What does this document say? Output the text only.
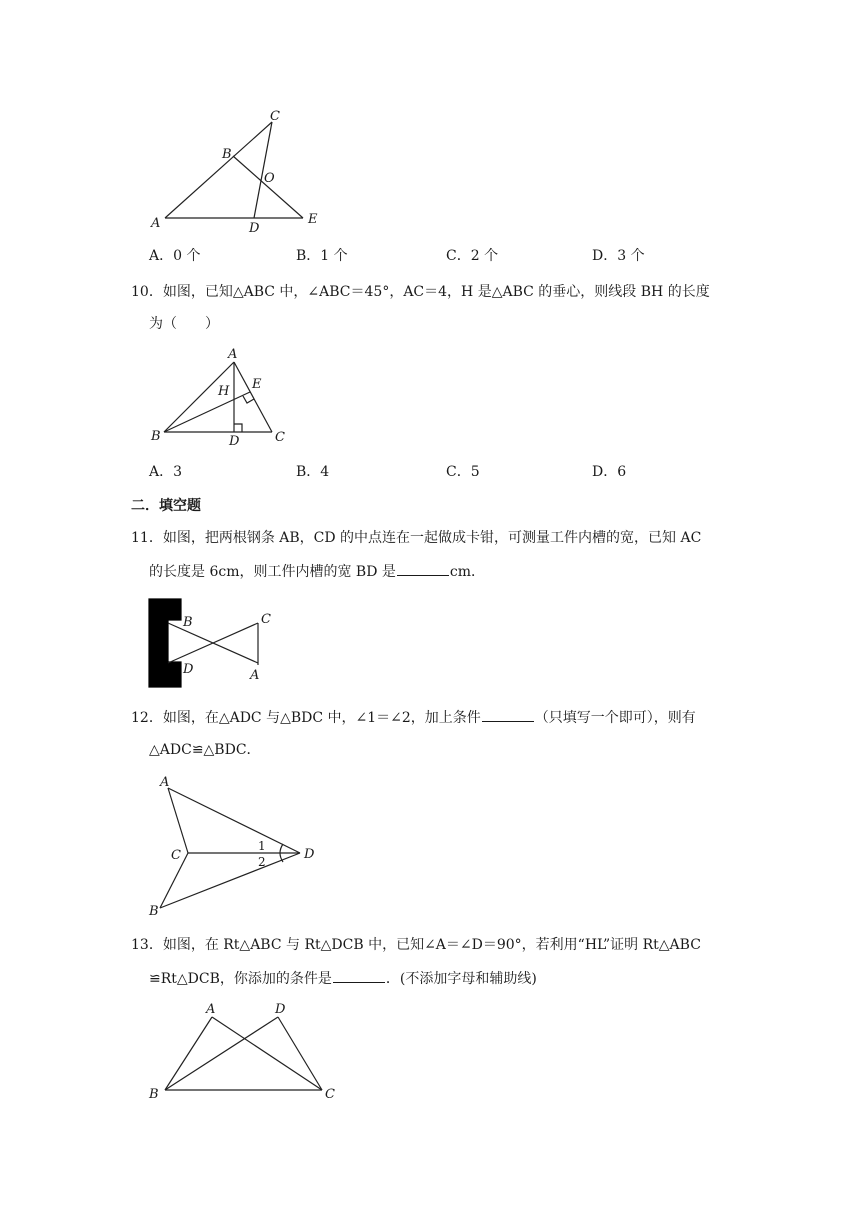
C
B
O
A	D
E
A．0 个	B．1 个	C．2 个	D．3 个
10．如图，已知△ABC 中，∠ABC＝45°，AC＝4，H 是△ABC 的垂心，则线段 BH 的长度
为（　　）
A
H E
B	D	C
A．3	B．4	C．5	D．6
二．填空题
11．如图，把两根钢条 AB，CD 的中点连在一起做成卡钳，可测量工件内槽的宽，已知 AC
的长度是 6cm，则工件内槽的宽 BD 是	cm．
B
D
C
A
12．如图，在△ADC 与△BDC 中，∠1＝∠2，加上条件	（只填写一个即可），则有
△ADC≌△BDC．
A
C	D
B
1
2
13．如图，在 Rt△ABC 与 Rt△DCB 中，已知∠A＝∠D＝90°，若利用“HL”证明 Rt△ABC
≌Rt△DCB，你添加的条件是	．(不添加字母和辅助线)
A	D
B	C
